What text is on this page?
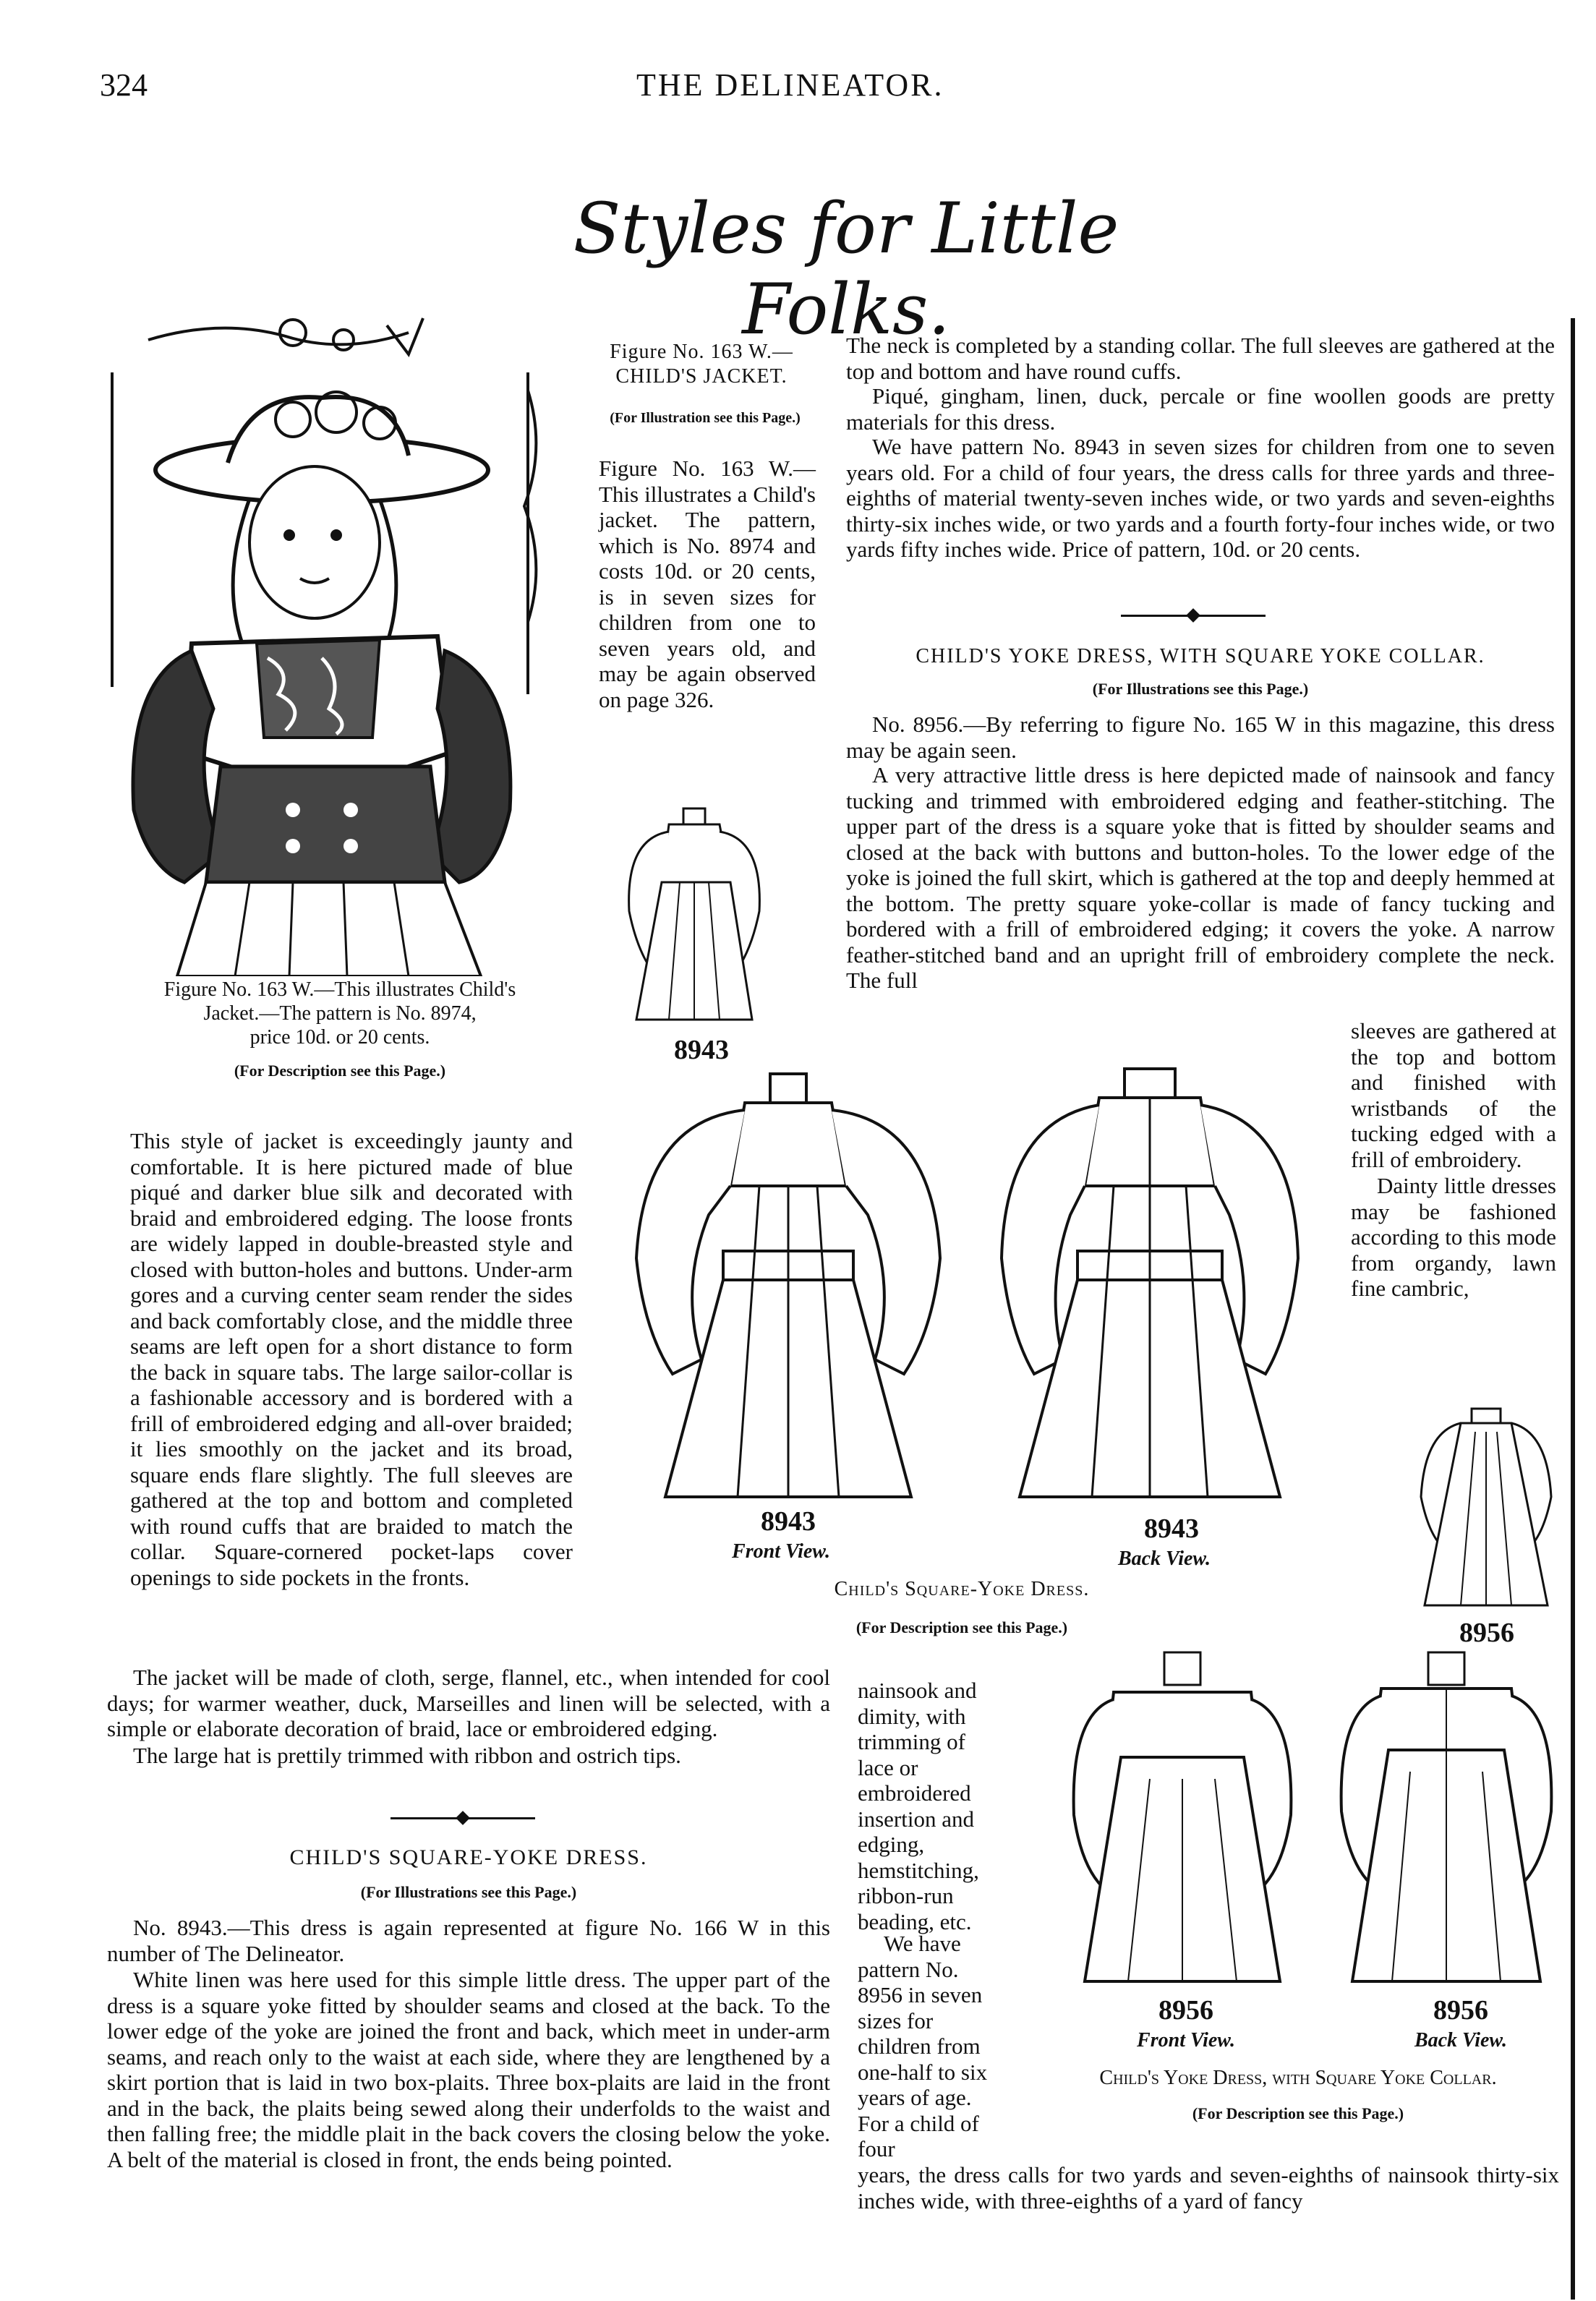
324	THE DELINEATOR.
Styles for Little Folks.
Figure No. 163 W.—CHILD'S JACKET.
(For Illustration see this Page.)
Figure No. 163 W.—This illustrates a Child's jacket. The pattern, which is No. 8974 and costs 10d. or 20 cents, is in seven sizes for children from one to seven years old, and may be again observed on page 326.
Figure No. 163 W.—This illustrates Child's
Jacket.—The pattern is No. 8974,
price 10d. or 20 cents.
(For Description see this Page.)
This style of jacket is exceedingly jaunty and comfortable. It is here pictured made of blue piqué and darker blue silk and decorated with braid and embroidered edging. The loose fronts are widely lapped in double-breasted style and closed with button-holes and buttons. Under-arm gores and a curving center seam render the sides and back comfortably close, and the middle three seams are left open for a short distance to form the back in square tabs. The large sailor-collar is a fashionable accessory and is bordered with a frill of embroidered edging and all-over braided; it lies smoothly on the jacket and its broad, square ends flare slightly. The full sleeves are gathered at the top and bottom and completed with round cuffs that are braided to match the collar. Square-cornered pocket-laps cover openings to side pockets in the fronts.
The jacket will be made of cloth, serge, flannel, etc., when intended for cool days; for warmer weather, duck, Marseilles and linen will be selected, with a simple or elaborate decoration of braid, lace or embroidered edging.
The large hat is prettily trimmed with ribbon and ostrich tips.
CHILD'S SQUARE-YOKE DRESS.
(For Illustrations see this Page.)
No. 8943.—This dress is again represented at figure No. 166 W in this number of The Delineator.
White linen was here used for this simple little dress. The upper part of the dress is a square yoke fitted by shoulder seams and closed at the back. To the lower edge of the yoke are joined the front and back, which meet in under-arm seams, and reach only to the waist at each side, where they are lengthened by a skirt portion that is laid in two box-plaits. Three box-plaits are laid in the front and in the back, the plaits being sewed along their underfolds to the waist and then falling free; the middle plait in the back covers the closing below the yoke. A belt of the material is closed in front, the ends being pointed.
8943
8943
Front View.
8943
Back View.
Child's Square-Yoke Dress.
(For Description see this Page.)
The neck is completed by a standing collar. The full sleeves are gathered at the top and bottom and have round cuffs.
Piqué, gingham, linen, duck, percale or fine woollen goods are pretty materials for this dress.
We have pattern No. 8943 in seven sizes for children from one to seven years old. For a child of four years, the dress calls for three yards and three-eighths of material twenty-seven inches wide, or two yards and seven-eighths thirty-six inches wide, or two yards and a fourth forty-four inches wide, or two yards fifty inches wide. Price of pattern, 10d. or 20 cents.
CHILD'S YOKE DRESS, WITH SQUARE YOKE COLLAR.
(For Illustrations see this Page.)
No. 8956.—By referring to figure No. 165 W in this magazine, this dress may be again seen.
A very attractive little dress is here depicted made of nainsook and fancy tucking and trimmed with embroidered edging and feather-stitching. The upper part of the dress is a square yoke that is fitted by shoulder seams and closed at the back with buttons and button-holes. To the lower edge of the yoke is joined the full skirt, which is gathered at the top and deeply hemmed at the bottom. The pretty square yoke-collar is made of fancy tucking and bordered with a frill of embroidered edging; it covers the yoke. A narrow feather-stitched band and an upright frill of embroidery complete the neck. The full
sleeves are gathered at the top and bottom and finished with wristbands of the tucking edged with a frill of embroidery.
Dainty little dresses may be fashioned according to this mode from organdy, lawn fine cambric,
nainsook and dimity, with trimming of lace or embroidered insertion and edging, hemstitching, ribbon-run beading, etc.
We have pattern No. 8956 in seven sizes for children from one-half to six years of age. For a child of four
years, the dress calls for two yards and seven-eighths of nainsook thirty-six inches wide, with three-eighths of a yard of fancy
8956
8956
Front View.
8956
Back View.
Child's Yoke Dress, with Square Yoke Collar.
(For Description see this Page.)
